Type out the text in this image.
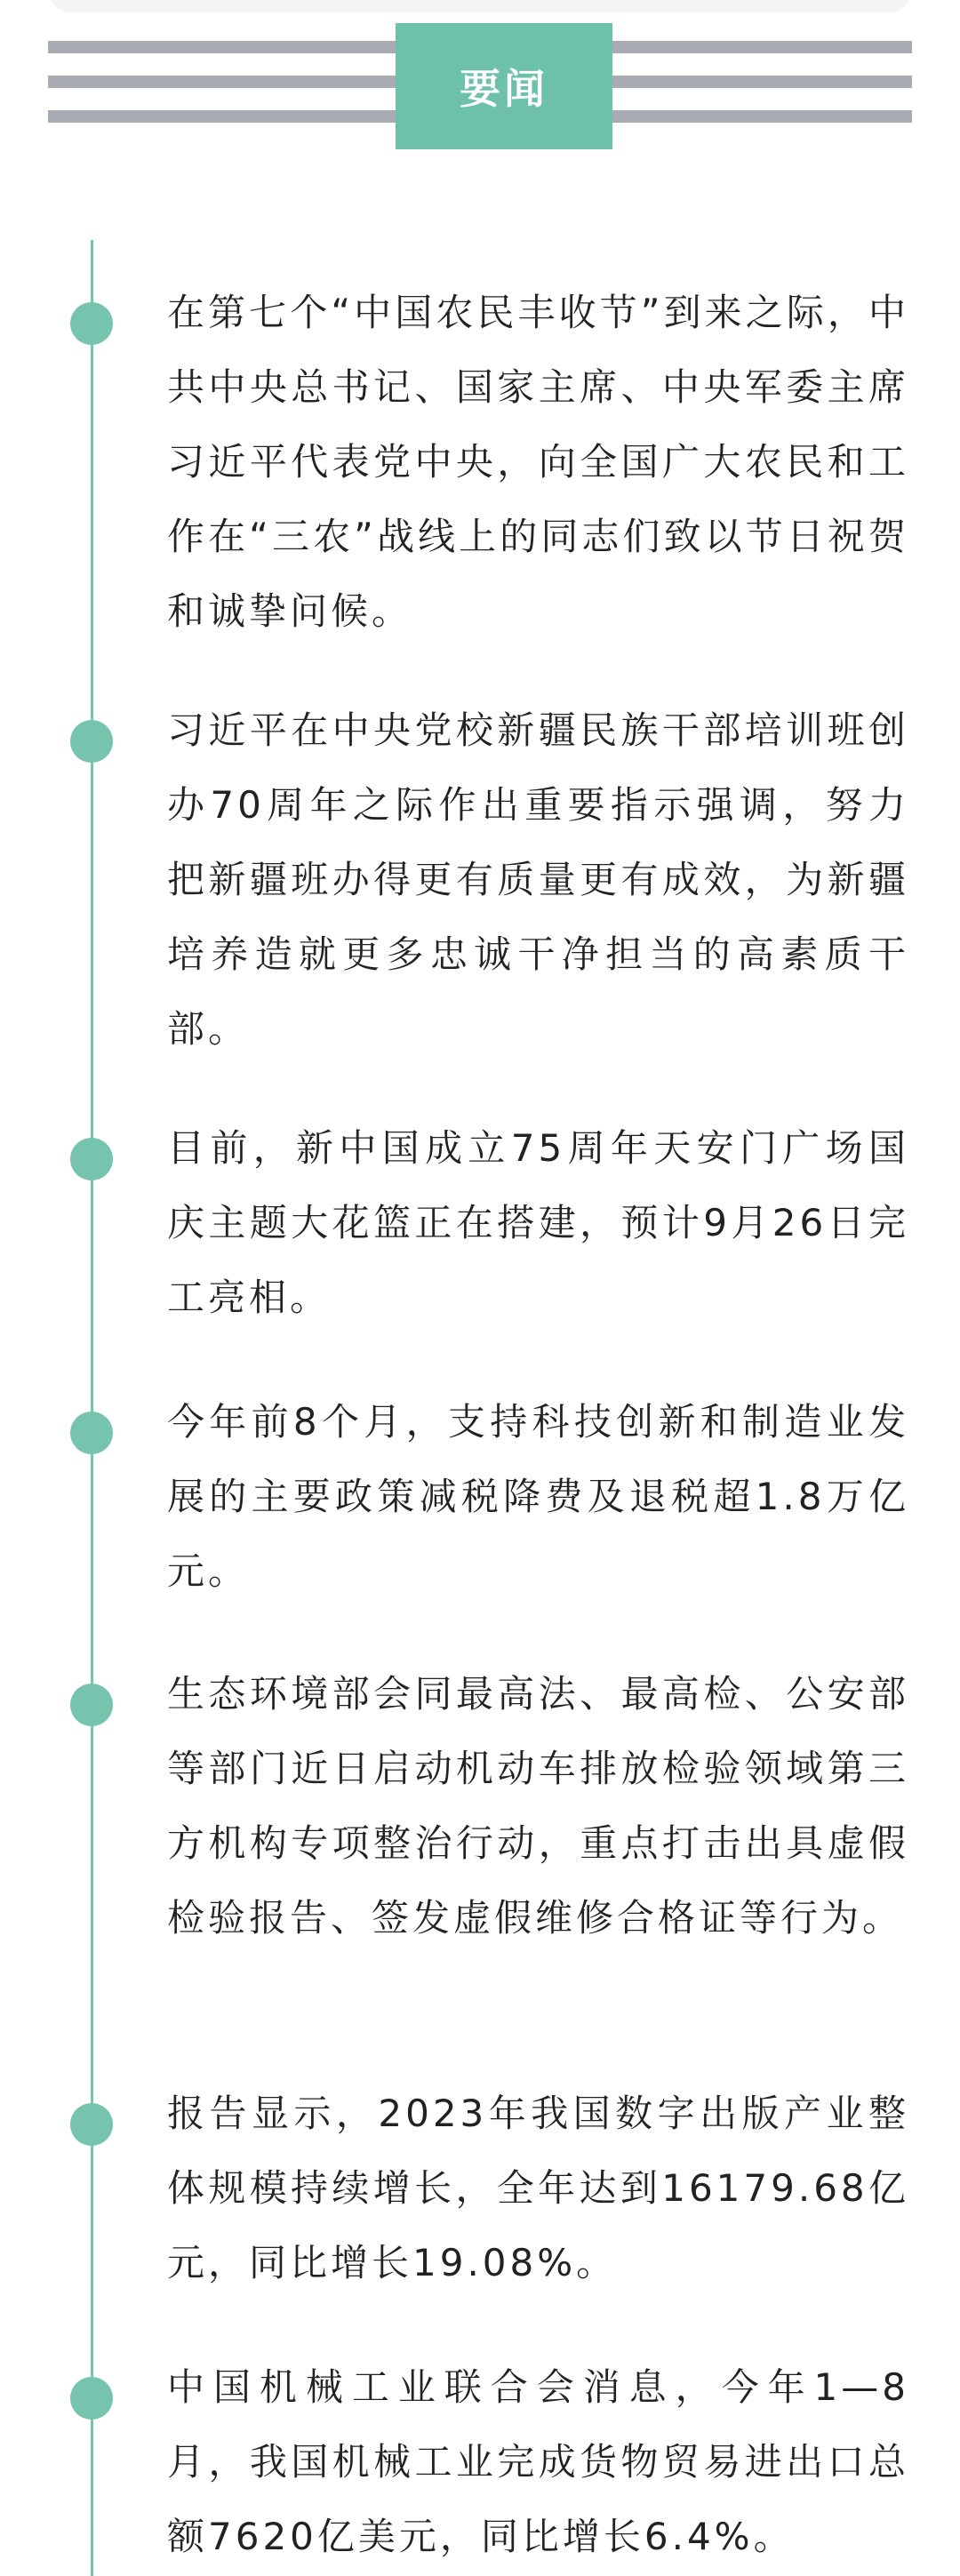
要闻

在第七个“中国农民丰收节”到来之际，中共中央总书记、国家主席、中央军委主席习近平代表党中央，向全国广大农民和工作在“三农”战线上的同志们致以节日祝贺和诚挚问候。

习近平在中央党校新疆民族干部培训班创办70周年之际作出重要指示强调，努力把新疆班办得更有质量更有成效，为新疆培养造就更多忠诚干净担当的高素质干部。

目前，新中国成立75周年天安门广场国庆主题大花篮正在搭建，预计9月26日完工亮相。

今年前8个月，支持科技创新和制造业发展的主要政策减税降费及退税超1.8万亿元。

生态环境部会同最高法、最高检、公安部等部门近日启动机动车排放检验领域第三方机构专项整治行动，重点打击出具虚假检验报告、签发虚假维修合格证等行为。

报告显示，2023年我国数字出版产业整体规模持续增长，全年达到16179.68亿元，同比增长19.08%。

中国机械工业联合会消息，今年1—8月，我国机械工业完成货物贸易进出口总额7620亿美元，同比增长6.4%。
